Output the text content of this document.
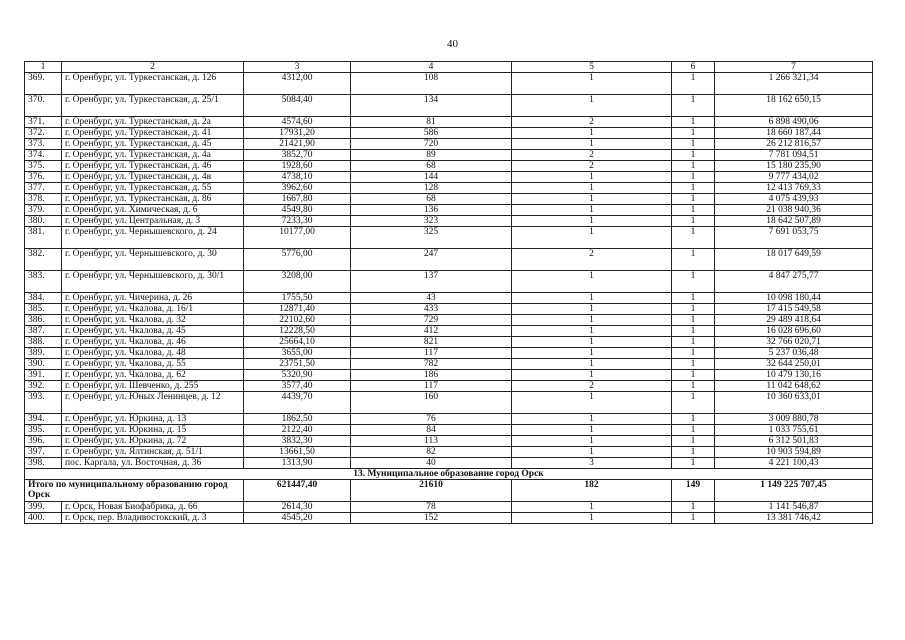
40
1	2	3	4	5	6	7
369.	г. Оренбург, ул. Туркестанская, д. 126	4312,00	108	1	1	1 266 321,34
370.	г. Оренбург, ул. Туркестанская, д. 25/1	5084,40	134	1	1	18 162 650,15
371.	г. Оренбург, ул. Туркестанская, д. 2а	4574,60	81	2	1	6 898 490,06
372.	г. Оренбург, ул. Туркестанская, д. 41	17931,20	586	1	1	18 660 187,44
373.	г. Оренбург, ул. Туркестанская, д. 45	21421,90	720	1	1	26 212 816,57
374.	г. Оренбург, ул. Туркестанская, д. 4а	3852,70	89	2	1	7 781 094,51
375.	г. Оренбург, ул. Туркестанская, д. 46	1928,60	68	2	1	15 180 235,90
376.	г. Оренбург, ул. Туркестанская, д. 4в	4738,10	144	1	1	9 777 434,02
377.	г. Оренбург, ул. Туркестанская, д. 55	3962,60	128	1	1	12 413 769,33
378.	г. Оренбург, ул. Туркестанская, д. 86	1667,80	68	1	1	4 075 439,93
379.	г. Оренбург, ул. Химическая, д. 6	4549,80	136	1	1	21 038 940,36
380.	г. Оренбург, ул. Центральная, д. 3	7233,30	323	1	1	18 642 507,89
381.	г. Оренбург, ул. Чернышевского, д. 24	10177,00	325	1	1	7 691 053,75
382.	г. Оренбург, ул. Чернышевского, д. 30	5776,00	247	2	1	18 017 649,59
383.	г. Оренбург, ул. Чернышевского, д. 30/1	3208,00	137	1	1	4 847 275,77
384.	г. Оренбург, ул. Чичерина, д. 26	1755,50	43	1	1	10 098 180,44
385.	г. Оренбург, ул. Чкалова, д. 16/1	12871,40	433	1	1	17 415 549,58
386.	г. Оренбург, ул. Чкалова, д. 32	22102,60	729	1	1	29 489 418,64
387.	г. Оренбург, ул. Чкалова, д. 45	12228,50	412	1	1	16 028 696,60
388.	г. Оренбург, ул. Чкалова, д. 46	25664,10	821	1	1	32 766 020,71
389.	г. Оренбург, ул. Чкалова, д. 48	3655,00	117	1	1	5 237 036,48
390.	г. Оренбург, ул. Чкалова, д. 55	23751,50	782	1	1	32 644 250,01
391.	г. Оренбург, ул. Чкалова, д. 62	5320,90	186	1	1	10 479 130,16
392.	г. Оренбург, ул. Шевченко, д. 255	3577,40	117	2	1	11 042 648,62
393.	г. Оренбург, ул. Юных Ленинцев, д. 12	4439,70	160	1	1	10 360 633,01
394.	г. Оренбург, ул. Юркина, д. 13	1862,50	76	1	1	3 009 880,78
395.	г. Оренбург, ул. Юркина, д. 15	2122,40	84	1	1	1 033 755,61
396.	г. Оренбург, ул. Юркина, д. 72	3832,30	113	1	1	6 312 501,83
397.	г. Оренбург, ул. Ялтинская, д. 51/1	13661,50	82	1	1	10 903 594,89
398.	пос. Каргала, ул. Восточная, д. 36	1313,90	40	3	1	4 221 100,43
13. Муниципальное образование город Орск						
Итого по муниципальному образованию город Орск		621447,40	21610	182	149	1 149 225 707,45
399.	г. Орск, Новая Биофабрика, д. 66	2614,30	78	1	1	1 141 546,87
400.	г. Орск, пер. Владивостокский, д. 3	4545,20	152	1	1	13 381 746,42
